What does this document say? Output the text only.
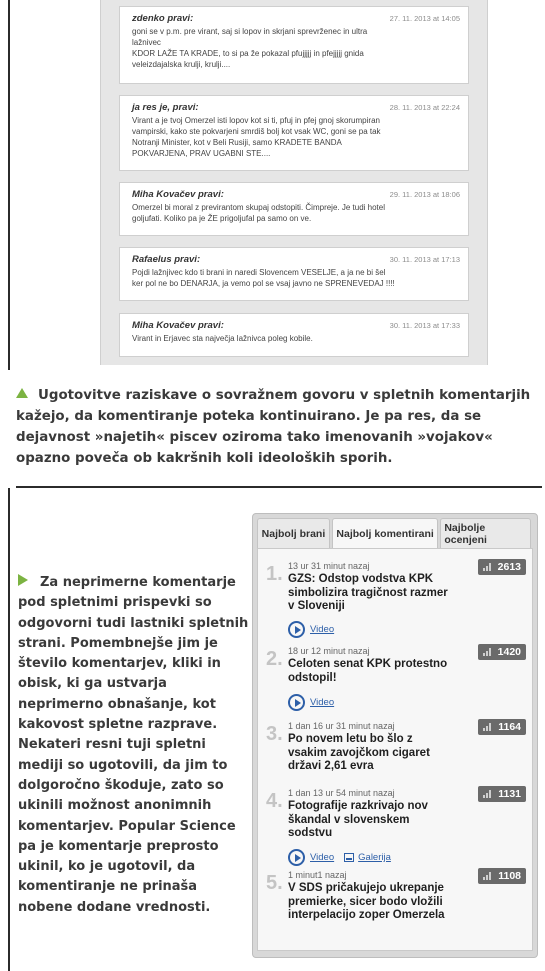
zdenko pravi:	27. 11. 2013 at 14:05
goni se v p.m. pre virant, saj si lopov in skrjani sprevrženec in ultra
lažnivec
KDOR LAŽE TA KRADE, to si pa že pokazal pfujjjjj in pfejjjjj gnida
veleizdajalska krulji, krulji....
ja res je, pravi:	28. 11. 2013 at 22:24
Virant a je tvoj Omerzel isti lopov kot si ti, pfuj in pfej gnoj skorumpiran
vampirski, kako ste pokvarjeni smrdiš bolj kot vsak WC, goni se pa tak
Notranji Minister, kot v Beli Rusiji, samo KRADETE BANDA
POKVARJENA, PRAV UGABNI STE....
Miha Kovačev pravi:	29. 11. 2013 at 18:06
Omerzel bi moral z previrantom skupaj odstopiti. Čimpreje. Je tudi hotel
goljufati. Koliko pa je ŽE prigoljufal pa samo on ve.
Rafaelus pravi:	30. 11. 2013 at 17:13
Pojdi lažnjivec kdo ti brani in naredi Slovencem VESELJE, a ja ne bi šel
ker pol ne bo DENARJA, ja vemo pol se vsaj javno ne SPRENEVEDAJ !!!!
Miha Kovačev pravi:	30. 11. 2013 at 17:33
Virant in Erjavec sta največja lažnivca poleg kobile.
Ugotovitve raziskave o sovražnem govoru v spletnih komentarjih kažejo, da komentiranje poteka kontinuirano. Je pa res, da se dejavnost »najetih« piscev oziroma tako imenovanih »vojakov« opazno poveča ob kakršnih koli ideoloških sporih.
Za neprimerne komentarje pod spletnimi prispevki so odgovorni tudi lastniki spletnih strani. Pomembnejše jim je število komentarjev, kliki in obisk, ki ga ustvarja neprimerno obnašanje, kot kakovost spletne razprave. Nekateri resni tuji spletni mediji so ugotovili, da jim to dolgoročno škoduje, zato so ukinili možnost anonimnih komentarjev. Popular Science pa je komentarje preprosto ukinil, ko je ugotovil, da komentiranje ne prinaša nobene dodane vrednosti.
Najbolj brani	Najbolj komentirani Najbolje ocenjeni
1. 13 ur 31 minut nazaj
GZS: Odstop vodstva KPK simbolizira tragičnost razmer v Sloveniji
2613
Video
2. 18 ur 12 minut nazaj
Celoten senat KPK protestno odstopil!
1420
Video
3. 1 dan 16 ur 31 minut nazaj
Po novem letu bo šlo z vsakim zavojčkom cigaret državi 2,61 evra
1164
4. 1 dan 13 ur 54 minut nazaj
Fotografije razkrivajo nov škandal v slovenskem sodstvu
1131
Video	Galerija
5. 1 minut1 nazaj
V SDS pričakujejo ukrepanje premierke, sicer bodo vložili interpelacijo zoper Omerzela
1108
